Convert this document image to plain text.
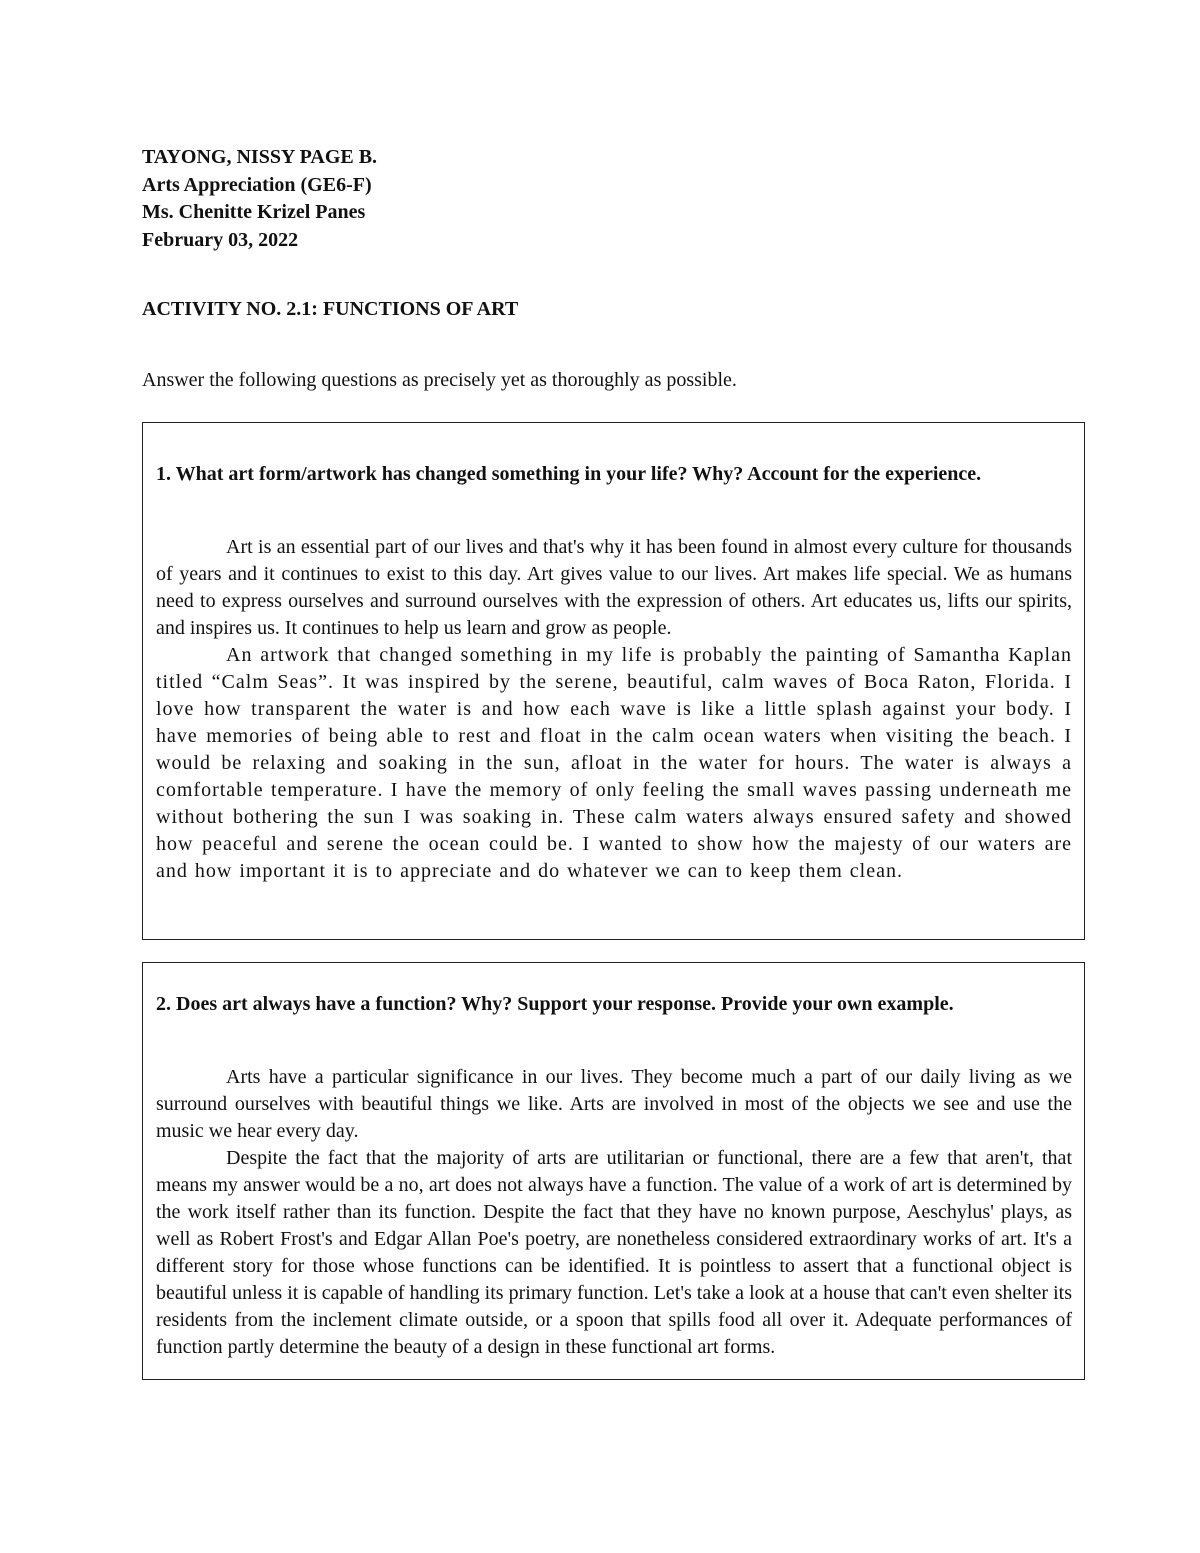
TAYONG, NISSY PAGE B.
Arts Appreciation (GE6-F)
Ms. Chenitte Krizel Panes
February 03, 2022
ACTIVITY NO. 2.1: FUNCTIONS OF ART
Answer the following questions as precisely yet as thoroughly as possible.
1. What art form/artwork has changed something in your life? Why? Account for the experience.

Art is an essential part of our lives and that's why it has been found in almost every culture for thousands of years and it continues to exist to this day. Art gives value to our lives. Art makes life special. We as humans need to express ourselves and surround ourselves with the expression of others. Art educates us, lifts our spirits, and inspires us. It continues to help us learn and grow as people.

An artwork that changed something in my life is probably the painting of Samantha Kaplan titled “Calm Seas”. It was inspired by the serene, beautiful, calm waves of Boca Raton, Florida. I love how transparent the water is and how each wave is like a little splash against your body. I have memories of being able to rest and float in the calm ocean waters when visiting the beach. I would be relaxing and soaking in the sun, afloat in the water for hours. The water is always a comfortable temperature. I have the memory of only feeling the small waves passing underneath me without bothering the sun I was soaking in. These calm waters always ensured safety and showed how peaceful and serene the ocean could be. I wanted to show how the majesty of our waters are and how important it is to appreciate and do whatever we can to keep them clean.

2. Does art always have a function? Why? Support your response. Provide your own example.

Arts have a particular significance in our lives. They become much a part of our daily living as we surround ourselves with beautiful things we like. Arts are involved in most of the objects we see and use the music we hear every day.

Despite the fact that the majority of arts are utilitarian or functional, there are a few that aren't, that means my answer would be a no, art does not always have a function. The value of a work of art is determined by the work itself rather than its function. Despite the fact that they have no known purpose, Aeschylus' plays, as well as Robert Frost's and Edgar Allan Poe's poetry, are nonetheless considered extraordinary works of art. It's a different story for those whose functions can be identified. It is pointless to assert that a functional object is beautiful unless it is capable of handling its primary function. Let's take a look at a house that can't even shelter its residents from the inclement climate outside, or a spoon that spills food all over it. Adequate performances of function partly determine the beauty of a design in these functional art forms.
